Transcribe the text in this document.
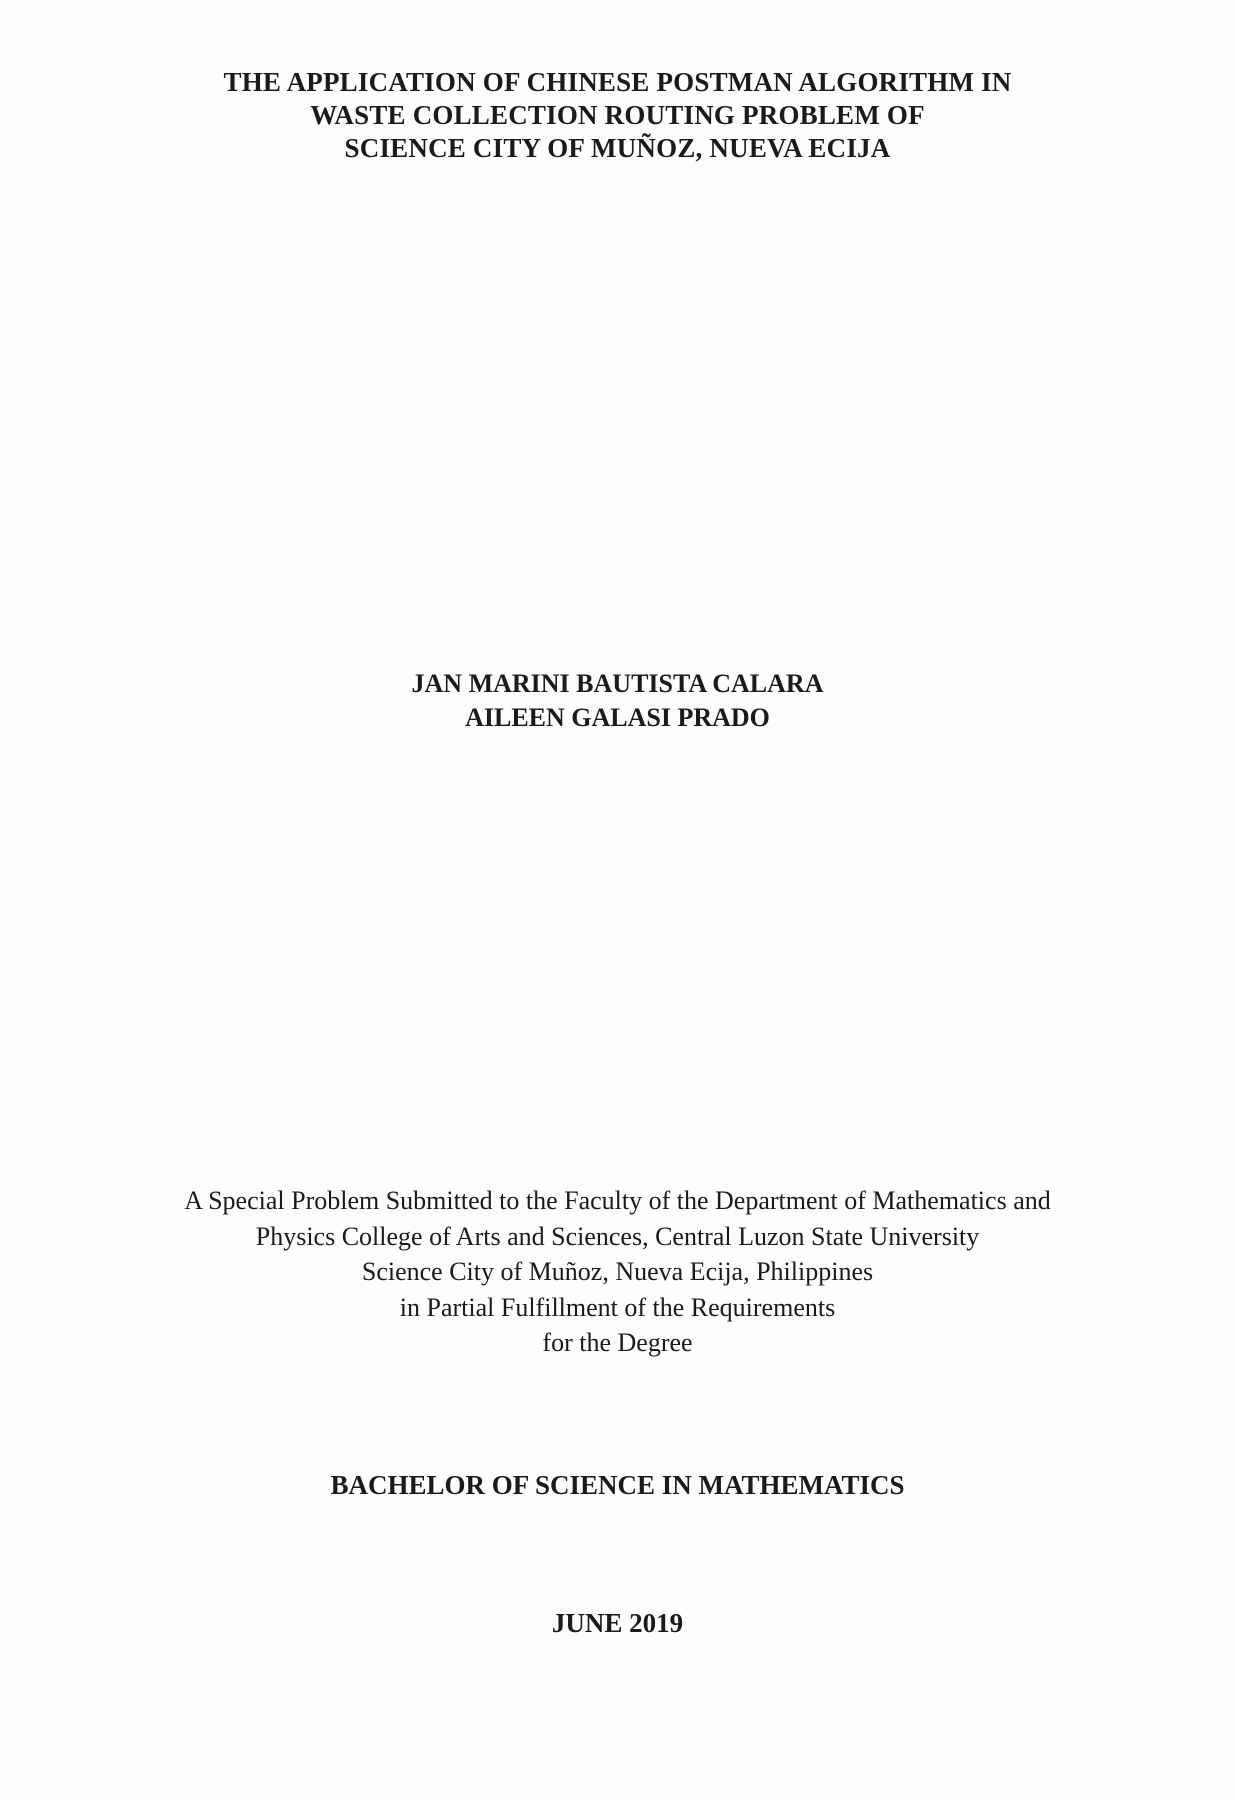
THE APPLICATION OF CHINESE POSTMAN ALGORITHM IN
WASTE COLLECTION ROUTING PROBLEM OF
SCIENCE CITY OF MUÑOZ, NUEVA ECIJA
JAN MARINI BAUTISTA CALARA
AILEEN GALASI PRADO
A Special Problem Submitted to the Faculty of the Department of Mathematics and
Physics College of Arts and Sciences, Central Luzon State University
Science City of Muñoz, Nueva Ecija, Philippines
in Partial Fulfillment of the Requirements
for the Degree
BACHELOR OF SCIENCE IN MATHEMATICS
JUNE 2019
